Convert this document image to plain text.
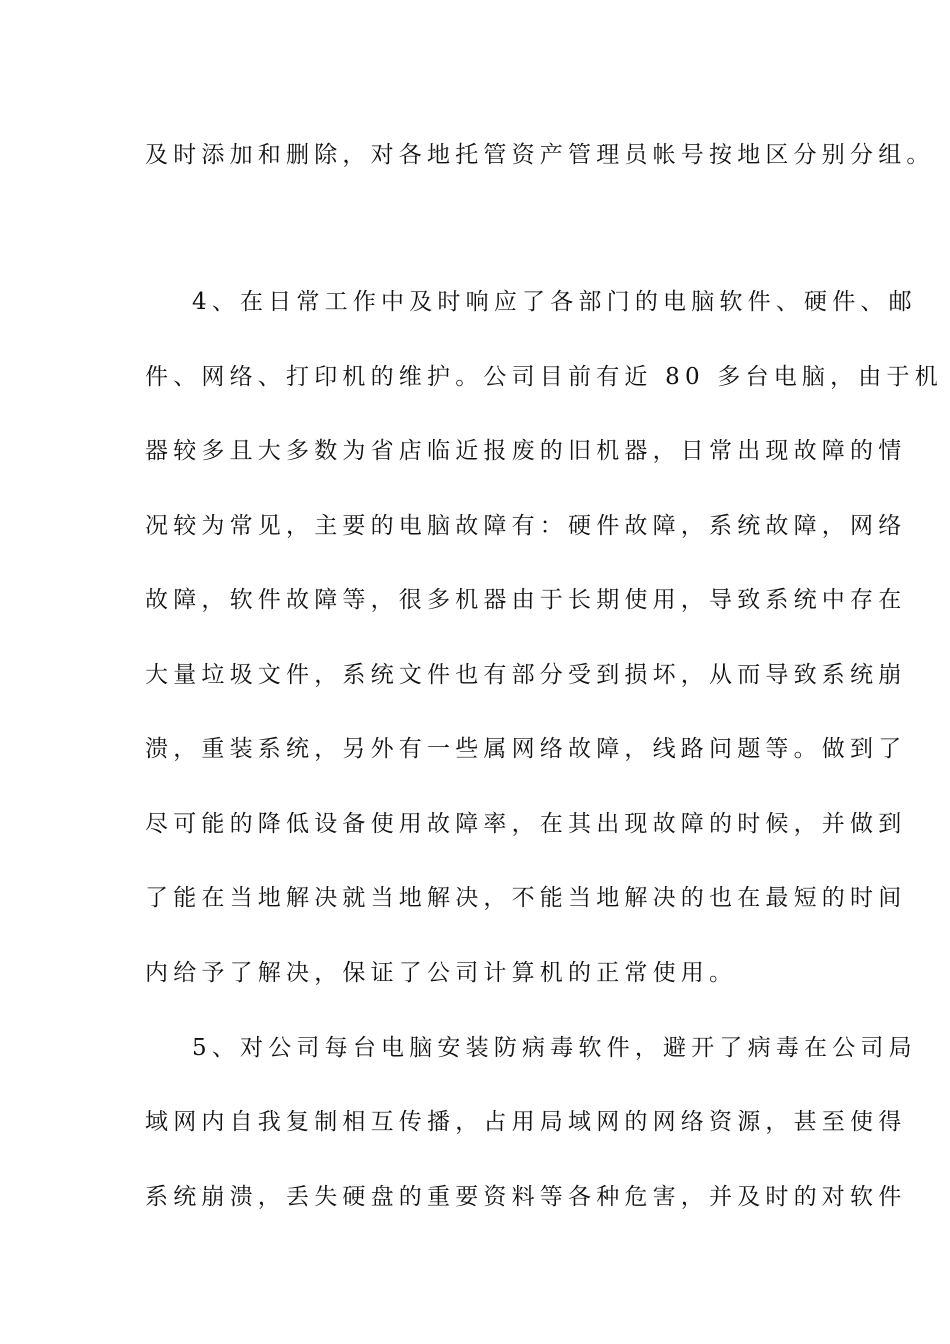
及时添加和删除，对各地托管资产管理员帐号按地区分别分组。
4、在日常工作中及时响应了各部门的电脑软件、硬件、邮
件、网络、打印机的维护。公司目前有近 80 多台电脑，由于机
器较多且大多数为省店临近报废的旧机器，日常出现故障的情
况较为常见，主要的电脑故障有：硬件故障，系统故障，网络
故障，软件故障等，很多机器由于长期使用，导致系统中存在
大量垃圾文件，系统文件也有部分受到损坏，从而导致系统崩
溃，重装系统，另外有一些属网络故障，线路问题等。做到了
尽可能的降低设备使用故障率，在其出现故障的时候，并做到
了能在当地解决就当地解决，不能当地解决的也在最短的时间
内给予了解决，保证了公司计算机的正常使用。
5、对公司每台电脑安装防病毒软件，避开了病毒在公司局
域网内自我复制相互传播，占用局域网的网络资源，甚至使得
系统崩溃，丢失硬盘的重要资料等各种危害，并及时的对软件
